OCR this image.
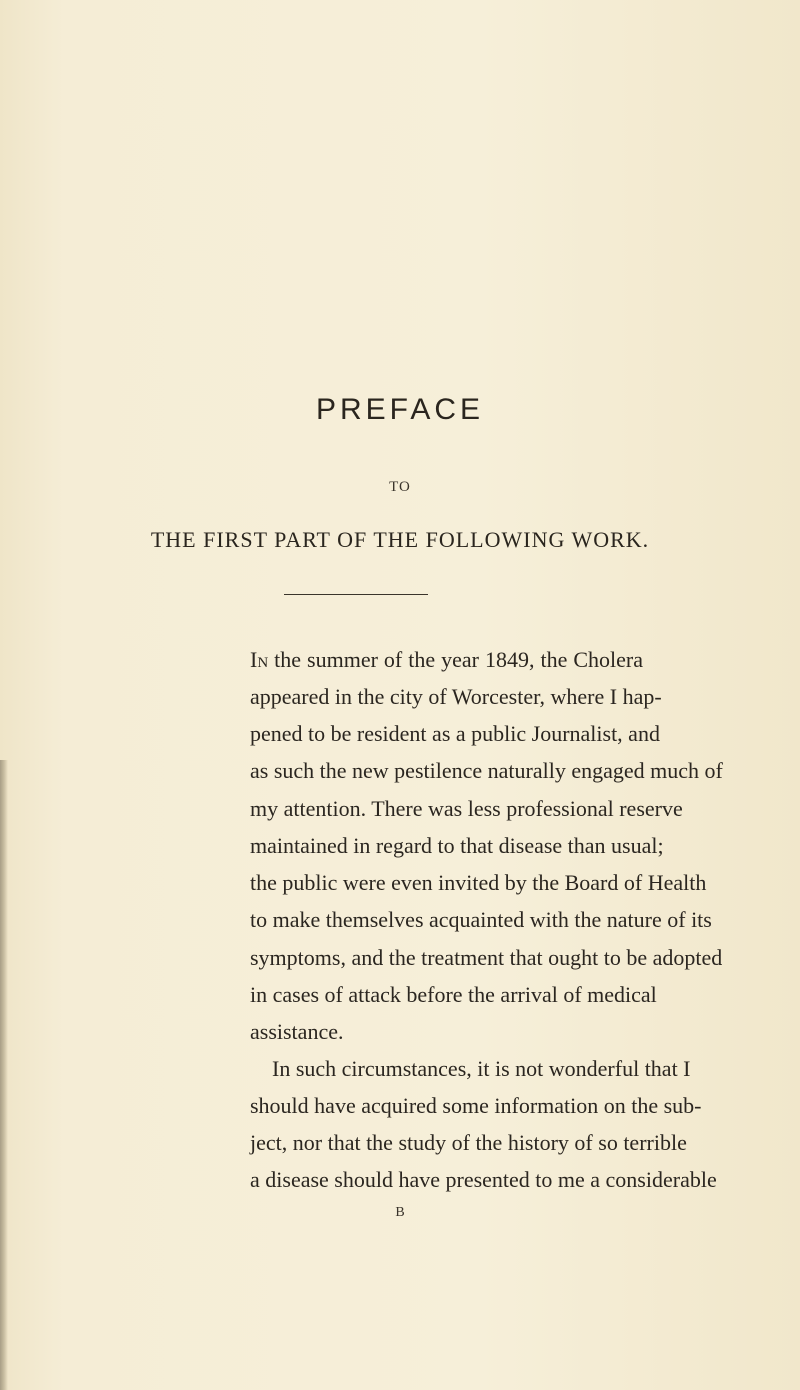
PREFACE
TO
THE FIRST PART OF THE FOLLOWING WORK.
In the summer of the year 1849, the Cholera
appeared in the city of Worcester, where I hap-
pened to be resident as a public Journalist, and
as such the new pestilence naturally engaged much of
my attention. There was less professional reserve
maintained in regard to that disease than usual;
the public were even invited by the Board of Health
to make themselves acquainted with the nature of its
symptoms, and the treatment that ought to be adopted
in cases of attack before the arrival of medical
assistance.
In such circumstances, it is not wonderful that I
should have acquired some information on the sub-
ject, nor that the study of the history of so terrible
a disease should have presented to me a considerable
B
